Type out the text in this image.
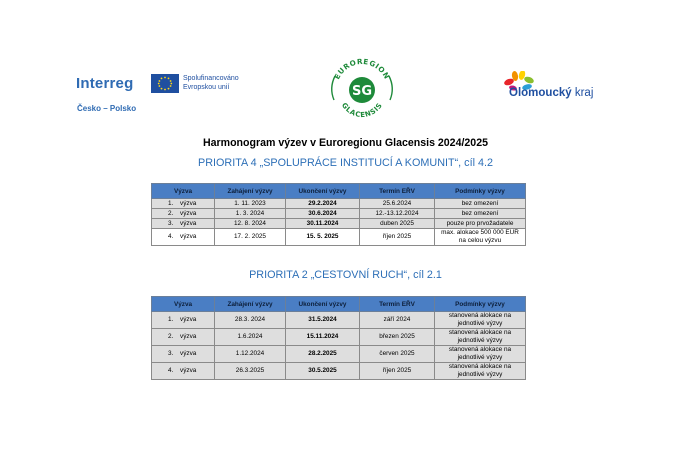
Interreg	Spolufinancováno
Evropskou unií
Česko – Polsko
EUROREGION
GLACENSIS
SG	Olomoucký kraj
Harmonogram výzev v Euroregionu Glacensis 2024/2025
PRIORITA 4 „SPOLUPRÁCE INSTITUCÍ A KOMUNIT“, cíl 4.2
Výzva	Zahájení výzvy	Ukončení výzvy	Termín EŘV	Podmínky výzvy
1. výzva	1. 11. 2023	29.2.2024	25.6.2024	bez omezení
2. výzva	1. 3. 2024	30.6.2024	12.-13.12.2024	bez omezení
3. výzva	12. 8. 2024	30.11.2024	duben 2025	pouze pro prvožadatele
4. výzva	17. 2. 2025	15. 5. 2025	říjen 2025	max. alokace 500 000 EUR na celou výzvu
PRIORITA 2 „CESTOVNÍ RUCH“, cíl 2.1
Výzva	Zahájení výzvy	Ukončení výzvy	Termín EŘV	Podmínky výzvy
1. výzva	28.3. 2024	31.5.2024	září 2024	stanovená alokace na jednotlivé výzvy
2. výzva	1.6.2024	15.11.2024	březen 2025	stanovená alokace na jednotlivé výzvy
3. výzva	1.12.2024	28.2.2025	červen 2025	stanovená alokace na jednotlivé výzvy
4. výzva	26.3.2025	30.5.2025	říjen 2025	stanovená alokace na jednotlivé výzvy
